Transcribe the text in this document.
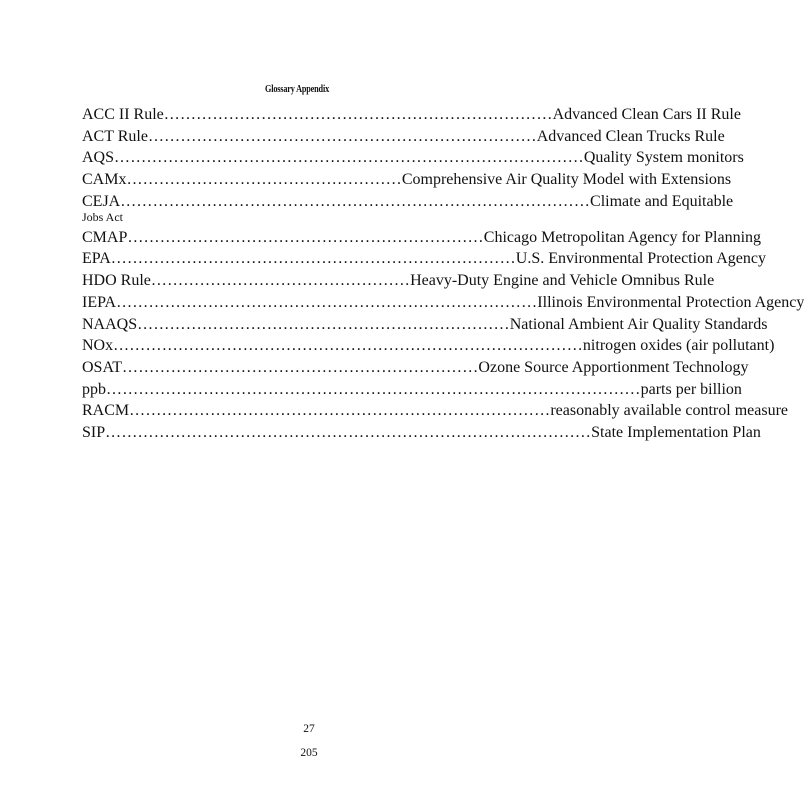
Glossary Appendix
ACC II Rule ……………………………………………………………… Advanced Clean Cars II Rule
ACT Rule ……………………………………………………………… Advanced Clean Trucks Rule
AQS …………………………………………………………………………… Quality System monitors
CAMx …………………………………………… Comprehensive Air Quality Model with Extensions
CEJA …………………………………………………………………………… Climate and Equitable
Jobs Act
CMAP ………………………………………………………… Chicago Metropolitan Agency for Planning
EPA ………………………………………………………………… U.S. Environmental Protection Agency
HDO Rule ………………………………………… Heavy-Duty Engine and Vehicle Omnibus Rule
IEPA …………………………………………………………………… Illinois Environmental Protection Agency
NAAQS …………………………………………………………… National Ambient Air Quality Standards
NOx …………………………………………………………………………… nitrogen oxides (air pollutant)
OSAT ………………………………………………………… Ozone Source Apportionment Technology
ppb ……………………………………………………………………………………… parts per billion
RACM …………………………………………………………………… reasonably available control measure
SIP ……………………………………………………………………………… State Implementation Plan
27
205
